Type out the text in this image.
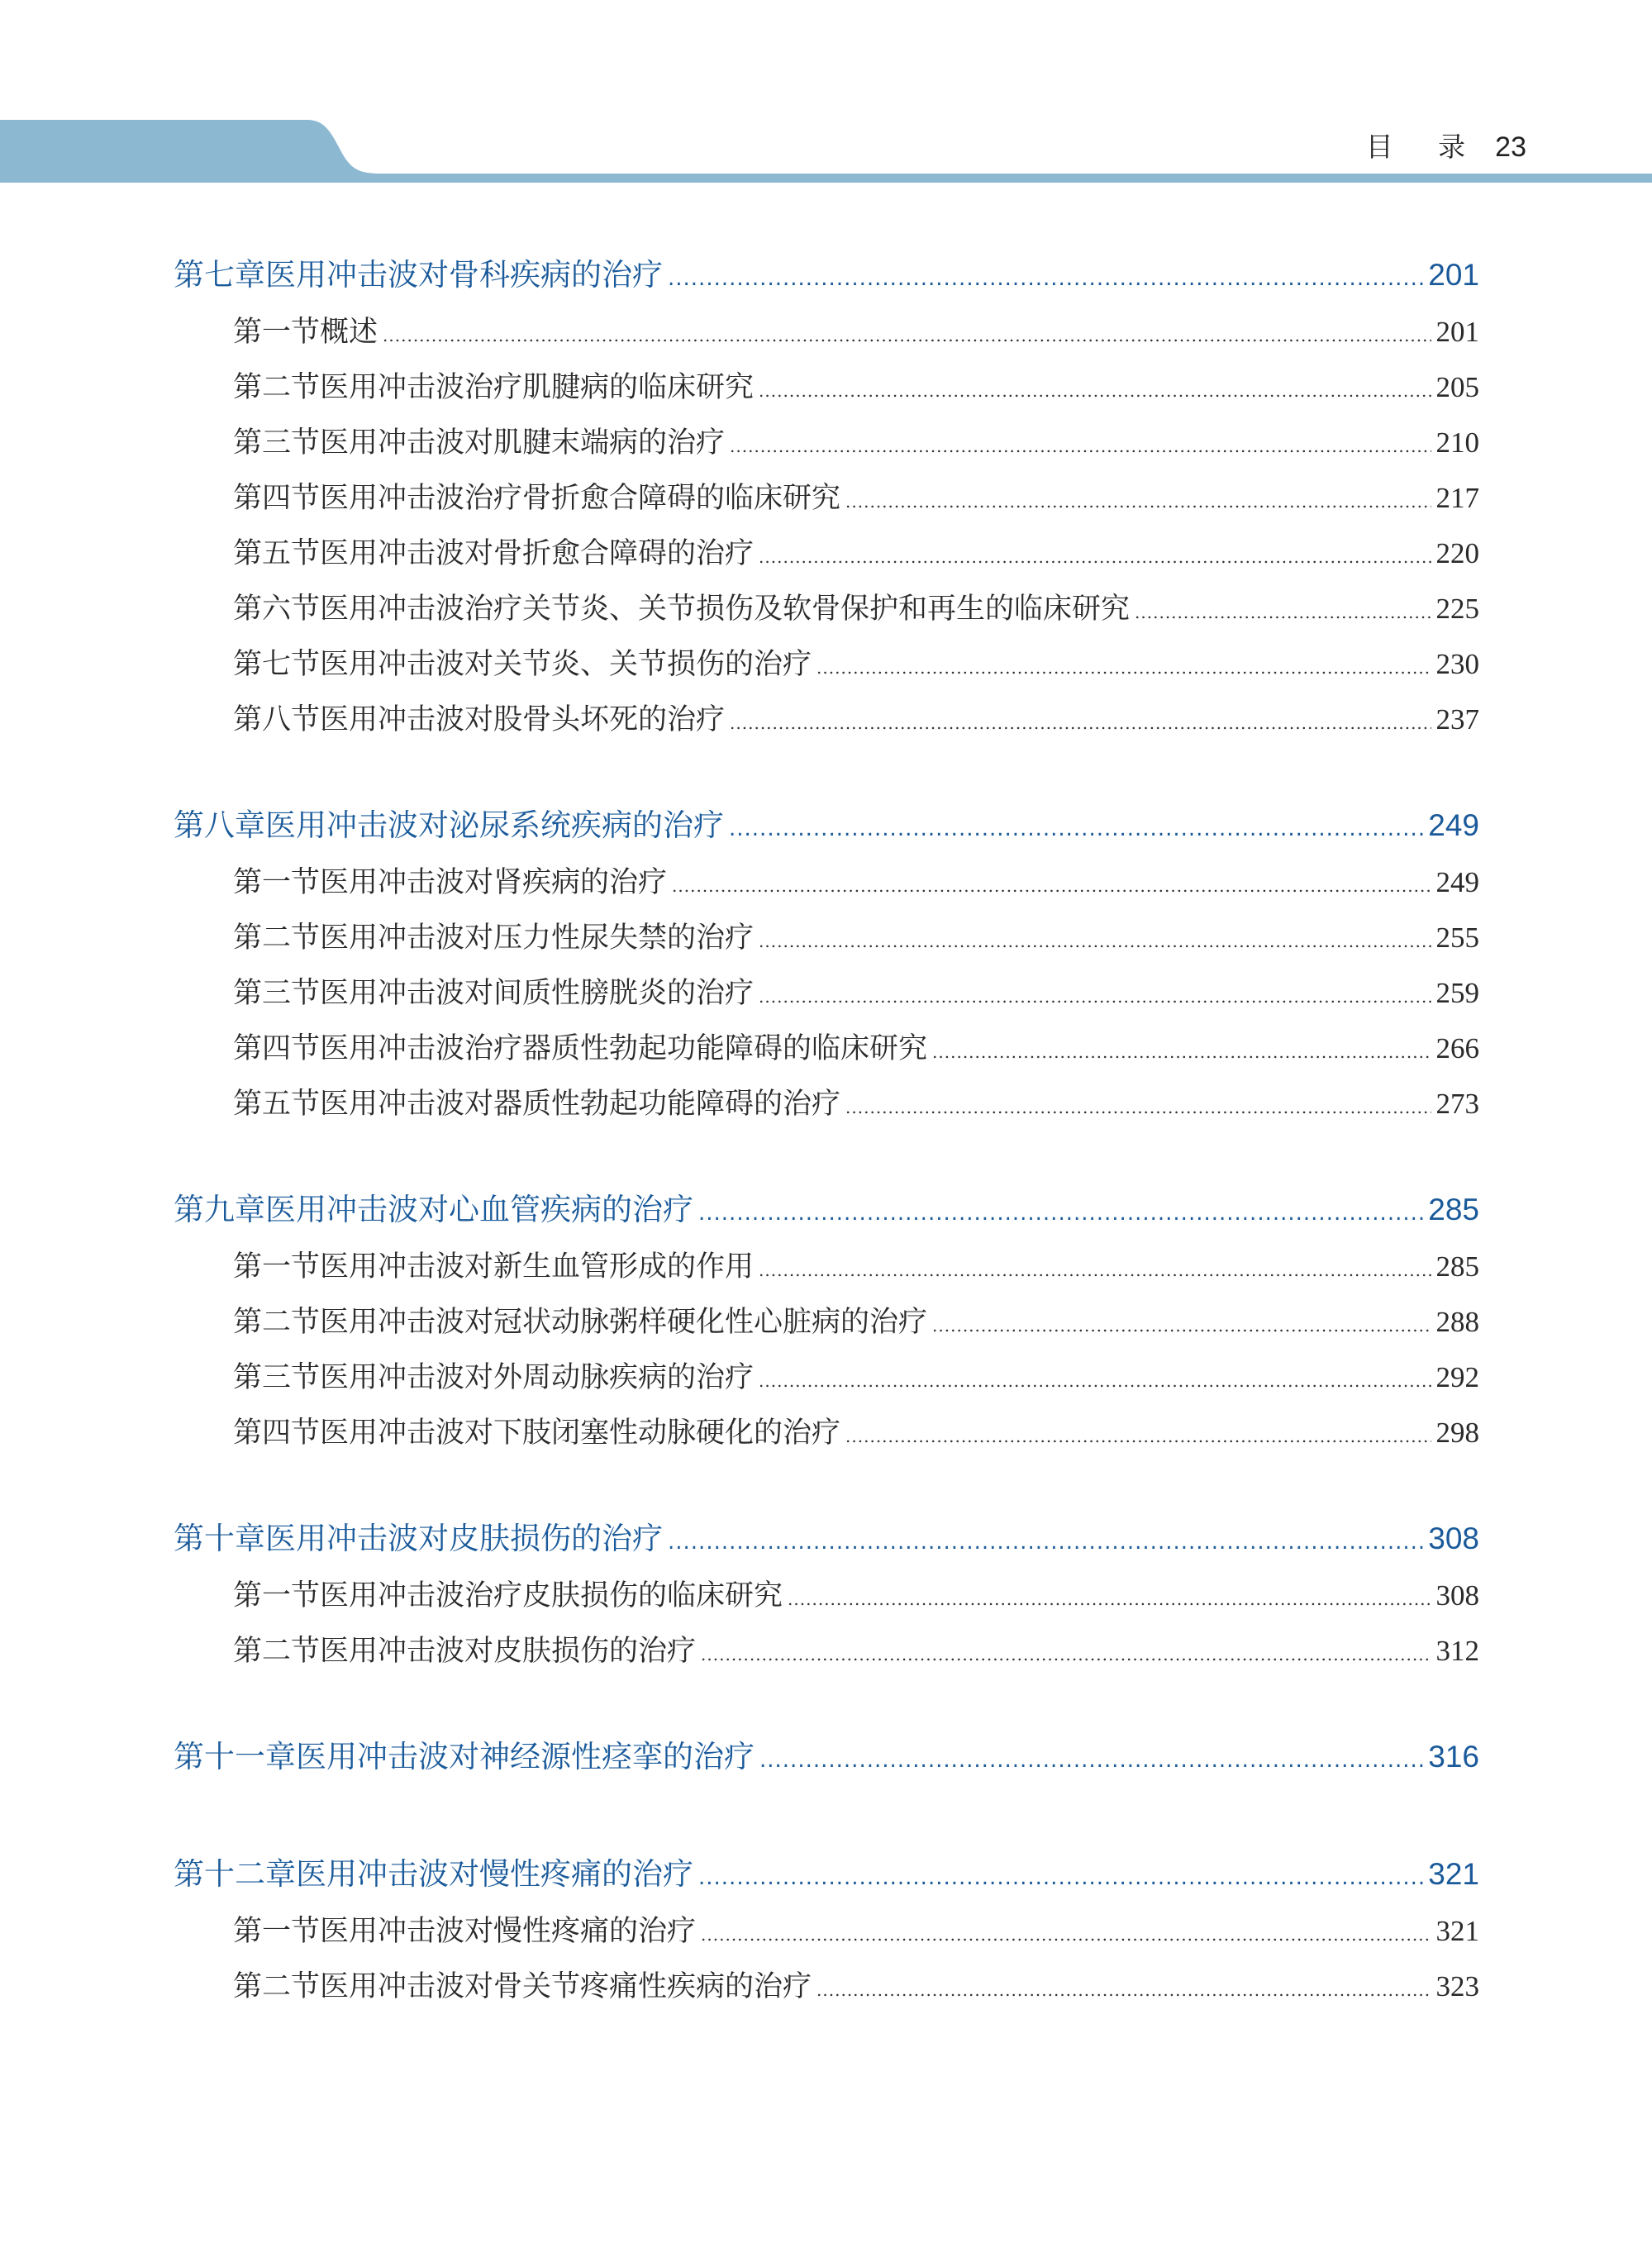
目 录 23
第七章 医用冲击波对骨科疾病的治疗 .....	201
第一节 概述 .....	201
第二节 医用冲击波治疗肌腱病的临床研究 .....	205
第三节 医用冲击波对肌腱末端病的治疗 .....	210
第四节 医用冲击波治疗骨折愈合障碍的临床研究 .....	217
第五节 医用冲击波对骨折愈合障碍的治疗 .....	220
第六节 医用冲击波治疗关节炎、关节损伤及软骨保护和再生的临床研究 .....	225
第七节 医用冲击波对关节炎、关节损伤的治疗 .....	230
第八节 医用冲击波对股骨头坏死的治疗 .....	237
第八章 医用冲击波对泌尿系统疾病的治疗 .....	249
第一节 医用冲击波对肾疾病的治疗 .....	249
第二节 医用冲击波对压力性尿失禁的治疗 .....	255
第三节 医用冲击波对间质性膀胱炎的治疗 .....	259
第四节 医用冲击波治疗器质性勃起功能障碍的临床研究 .....	266
第五节 医用冲击波对器质性勃起功能障碍的治疗 .....	273
第九章 医用冲击波对心血管疾病的治疗 .....	285
第一节 医用冲击波对新生血管形成的作用 .....	285
第二节 医用冲击波对冠状动脉粥样硬化性心脏病的治疗 .....	288
第三节 医用冲击波对外周动脉疾病的治疗 .....	292
第四节 医用冲击波对下肢闭塞性动脉硬化的治疗 .....	298
第十章 医用冲击波对皮肤损伤的治疗 .....	308
第一节 医用冲击波治疗皮肤损伤的临床研究 .....	308
第二节 医用冲击波对皮肤损伤的治疗 .....	312
第十一章 医用冲击波对神经源性痉挛的治疗 .....	316
第十二章 医用冲击波对慢性疼痛的治疗 .....	321
第一节 医用冲击波对慢性疼痛的治疗 .....	321
第二节 医用冲击波对骨关节疼痛性疾病的治疗 .....	323
